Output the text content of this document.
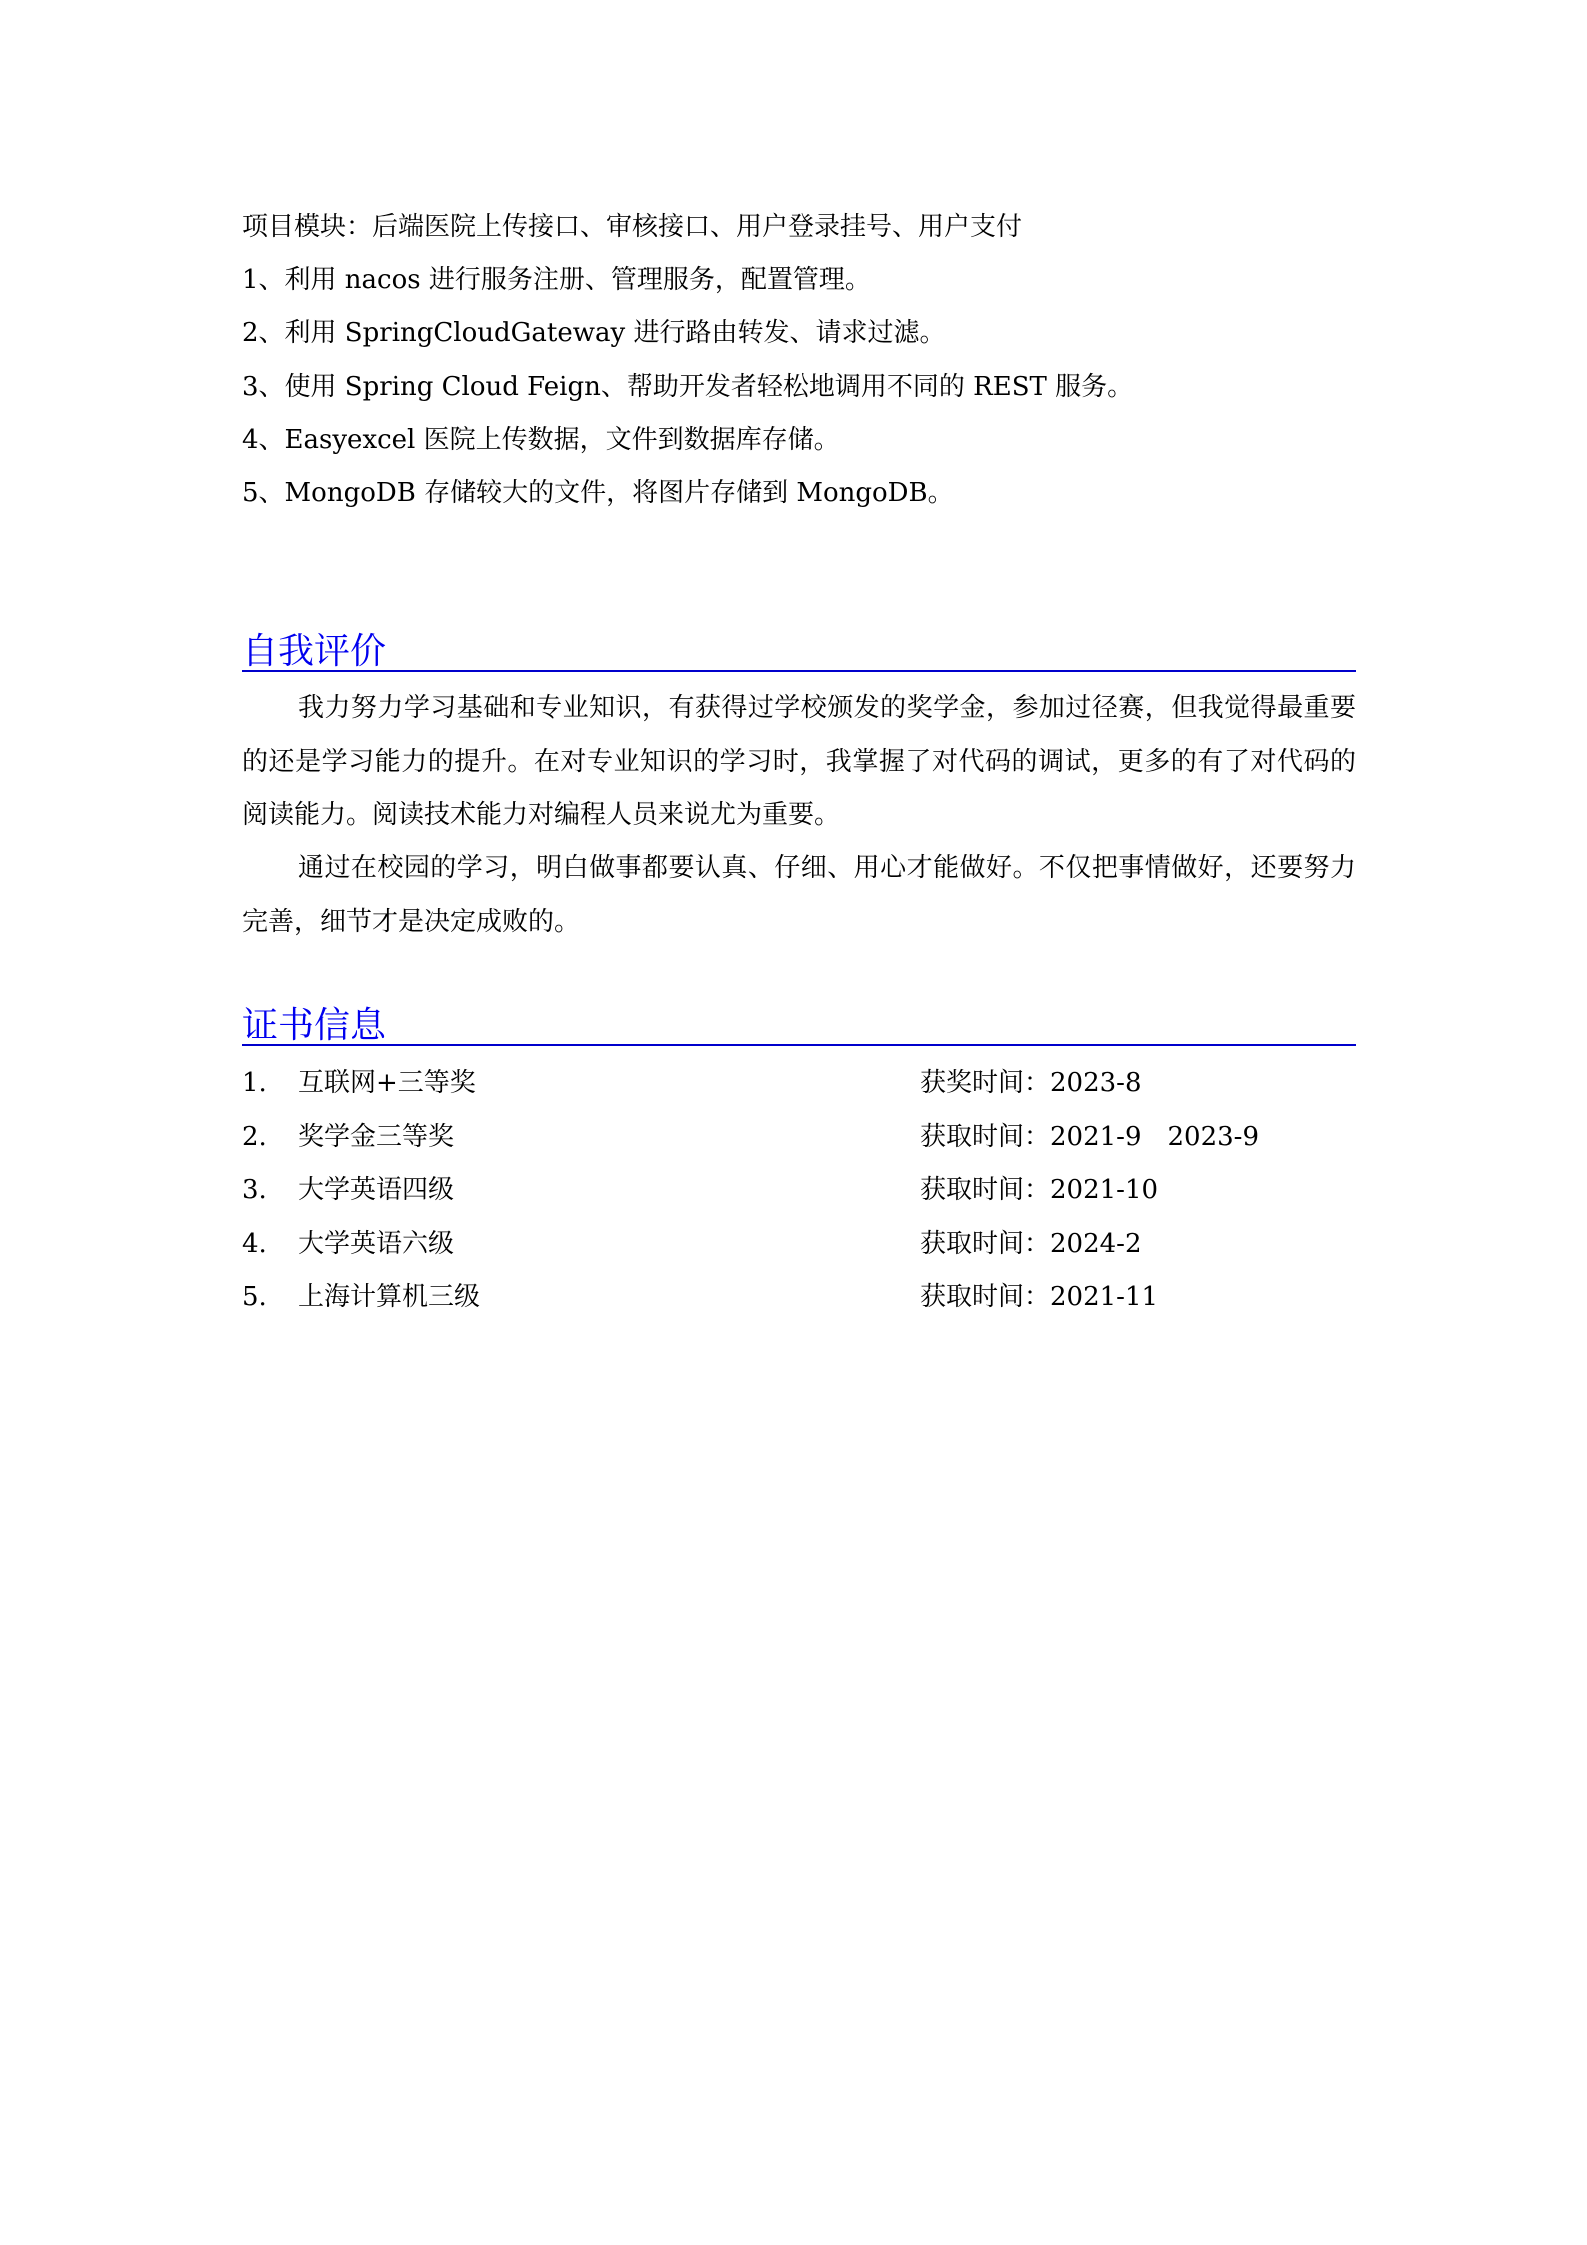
项目模块：后端医院上传接口、审核接口、用户登录挂号、用户支付
1、利用 nacos 进行服务注册、管理服务，配置管理。
2、利用 SpringCloudGateway 进行路由转发、请求过滤。
3、使用 Spring Cloud Feign、帮助开发者轻松地调用不同的 REST 服务。
4、Easyexcel 医院上传数据，文件到数据库存储。
5、MongoDB 存储较大的文件，将图片存储到 MongoDB。
自我评价
我力努力学习基础和专业知识，有获得过学校颁发的奖学金，参加过径赛，但我觉得最重要的还是学习能力的提升。在对专业知识的学习时，我掌握了对代码的调试，更多的有了对代码的阅读能力。阅读技术能力对编程人员来说尤为重要。
通过在校园的学习，明白做事都要认真、仔细、用心才能做好。不仅把事情做好，还要努力完善，细节才是决定成败的。
证书信息
1. 互联网+三等奖	获奖时间：2023-8
2. 奖学金三等奖	获取时间：2021-9　2023-9
3. 大学英语四级	获取时间：2021-10
4. 大学英语六级	获取时间：2024-2
5. 上海计算机三级	获取时间：2021-11
